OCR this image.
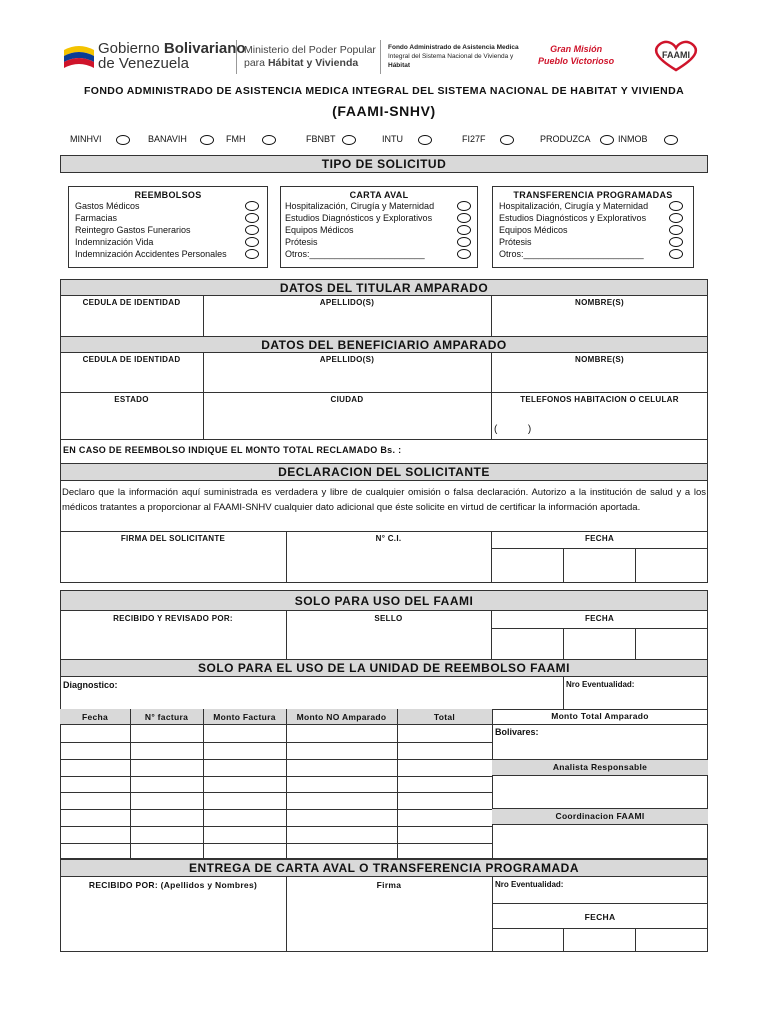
Gobierno Bolivariano
de Venezuela
Ministerio del Poder Popular
para Hábitat y Vivienda
Fondo Administrado de Asistencia Medica
Integral del Sistema Nacional de Vivienda y
Hábitat
Gran Misión
Pueblo Victorioso
FAAMI
FONDO ADMINISTRADO DE ASISTENCIA MEDICA INTEGRAL DEL SISTEMA NACIONAL DE HABITAT Y VIVIENDA
(FAAMI-SNHV)
MINHVI	BANAVIH	FMH	FBNBT	INTU	FI27F	PRODUZCA	INMOB
TIPO DE SOLICITUD
REEMBOLSOS
Gastos Médicos
Farmacias
Reintegro Gastos Funerarios
Indemnización Vida
Indemnización Accidentes Personales
CARTA AVAL
Hospitalización, Cirugía y Maternidad
Estudios Diagnósticos y Explorativos
Equipos Médicos
Prótesis
Otros:_______________________
TRANSFERENCIA PROGRAMADAS
Hospitalización, Cirugía y Maternidad
Estudios Diagnósticos y Explorativos
Equipos Médicos
Prótesis
Otros:________________________
DATOS DEL TITULAR AMPARADO
CEDULA DE IDENTIDAD	APELLIDO(S)	NOMBRE(S)
DATOS DEL BENEFICIARIO AMPARADO
CEDULA DE IDENTIDAD	APELLIDO(S)	NOMBRE(S)
ESTADO	CIUDAD	TELEFONOS HABITACION O CELULAR
(           )
EN CASO DE REEMBOLSO INDIQUE EL MONTO TOTAL RECLAMADO Bs. :
DECLARACION DEL SOLICITANTE
Declaro que la información aquí suministrada es verdadera y libre de cualquier omisión o falsa declaración. Autorizo a la institución de salud y a los médicos tratantes a proporcionar al FAAMI-SNHV cualquier dato adicional que éste solicite en virtud de certificar la información aportada.
FIRMA DEL SOLICITANTE	N° C.I.	FECHA
SOLO PARA USO DEL FAAMI
RECIBIDO Y REVISADO POR:	SELLO	FECHA
SOLO PARA EL USO DE LA UNIDAD DE REEMBOLSO FAAMI
Diagnostico:	Nro Eventualidad:
Fecha	N° factura	Monto Factura	Monto NO Amparado	Total	Monto Total Amparado
Bolivares:
Analista Responsable
Coordinacion FAAMI
ENTREGA DE CARTA AVAL O TRANSFERENCIA PROGRAMADA
RECIBIDO POR: (Apellidos y Nombres)	Firma	Nro Eventualidad:
FECHA
